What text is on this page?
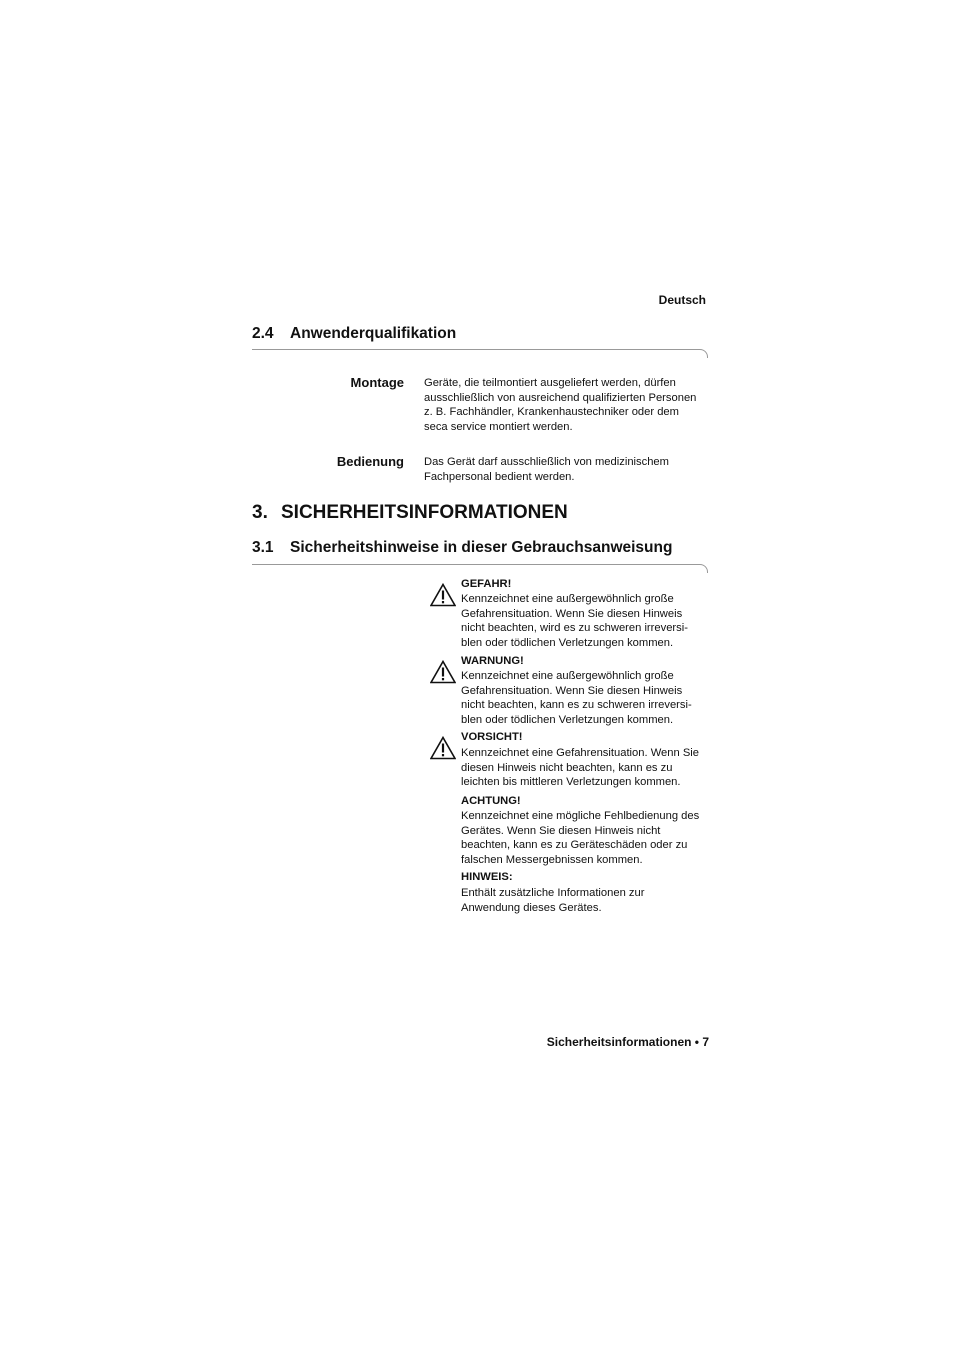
Deutsch
2.4 Anwenderqualifikation
Montage Geräte, die teilmontiert ausgeliefert werden, dürfen
ausschließlich von ausreichend qualifizierten Personen
z. B. Fachhändler, Krankenhaustechniker oder dem
seca service montiert werden.
Bedienung Das Gerät darf ausschließlich von medizinischem
Fachpersonal bedient werden.
3. SICHERHEITSINFORMATIONEN
3.1 Sicherheitshinweise in dieser Gebrauchsanweisung
GEFAHR!
Kennzeichnet eine außergewöhnlich große
Gefahrensituation. Wenn Sie diesen Hinweis
nicht beachten, wird es zu schweren irreversi-
blen oder tödlichen Verletzungen kommen.
WARNUNG!
Kennzeichnet eine außergewöhnlich große
Gefahrensituation. Wenn Sie diesen Hinweis
nicht beachten, kann es zu schweren irreversi-
blen oder tödlichen Verletzungen kommen.
VORSICHT!
Kennzeichnet eine Gefahrensituation. Wenn Sie
diesen Hinweis nicht beachten, kann es zu
leichten bis mittleren Verletzungen kommen.
ACHTUNG!
Kennzeichnet eine mögliche Fehlbedienung des
Gerätes. Wenn Sie diesen Hinweis nicht
beachten, kann es zu Geräteschäden oder zu
falschen Messergebnissen kommen.
HINWEIS:
Enthält zusätzliche Informationen zur
Anwendung dieses Gerätes.
Sicherheitsinformationen • 7
